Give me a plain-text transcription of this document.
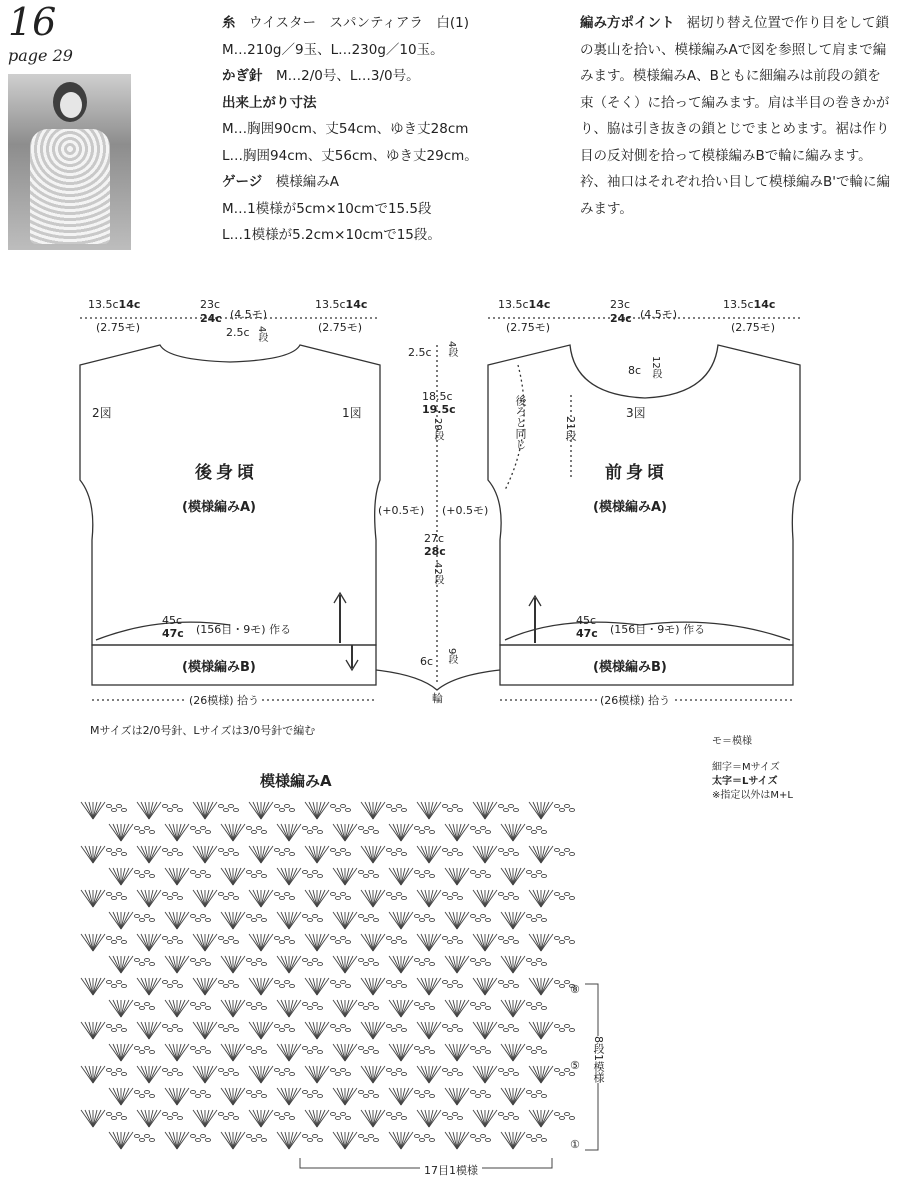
16
page 29
糸　 ウイスター　スパンティアラ　白(1)
M…210g／9玉、L…230g／10玉。
かぎ針　 M…2/0号、L…3/0号。
出来上がり寸法
M…胸囲90cm、丈54cm、ゆき丈28cm
L…胸囲94cm、丈56cm、ゆき丈29cm。
ゲージ　 模様編みA
M…1模様が5cm×10cmで15.5段
L…1模様が5.2cm×10cmで15段。
編み方ポイント 裾切り替え位置で作り目をして鎖の裏山を拾い、模様編みAで図を参照して肩まで編みます。模様編みA、Bともに細編みは前段の鎖を束（そく）に拾って編みます。肩は半目の巻きかがり、脇は引き抜きの鎖とじでまとめます。裾は作り目の反対側を拾って模様編みBで輪に編みます。衿、袖口はそれぞれ拾い目して模様編みB'で輪に編みます。
13.5c14c
(2.75モ)
23c
24c (4.5モ)
13.5c14c
(2.75モ)
2.5c 4段
2図	1図
後身頃
(模様編みA)
45c
47c (156目・9モ) 作る
(模様編みB)
(26模様) 拾う
2.5c 4段
18.5c
19.5c
29段
(+0.5モ) (+0.5モ)
27c
28c
42段
6c 9段
輪
13.5c14c
(2.75モ)
23c
24c (4.5モ)
13.5c14c
(2.75モ)
8c 12段
3図
後ろと同じ	21段
前身頃
(模様編みA)
45c
47c (156目・9モ) 作る
(模様編みB)
(26模様) 拾う
Mサイズは2/0号針、Lサイズは3/0号針で編む
モ＝模様
細字＝Mサイズ
太字＝Lサイズ
※指定以外はM+L
模様編みA
⑧
⑤
①
8段1模様
17目1模様
